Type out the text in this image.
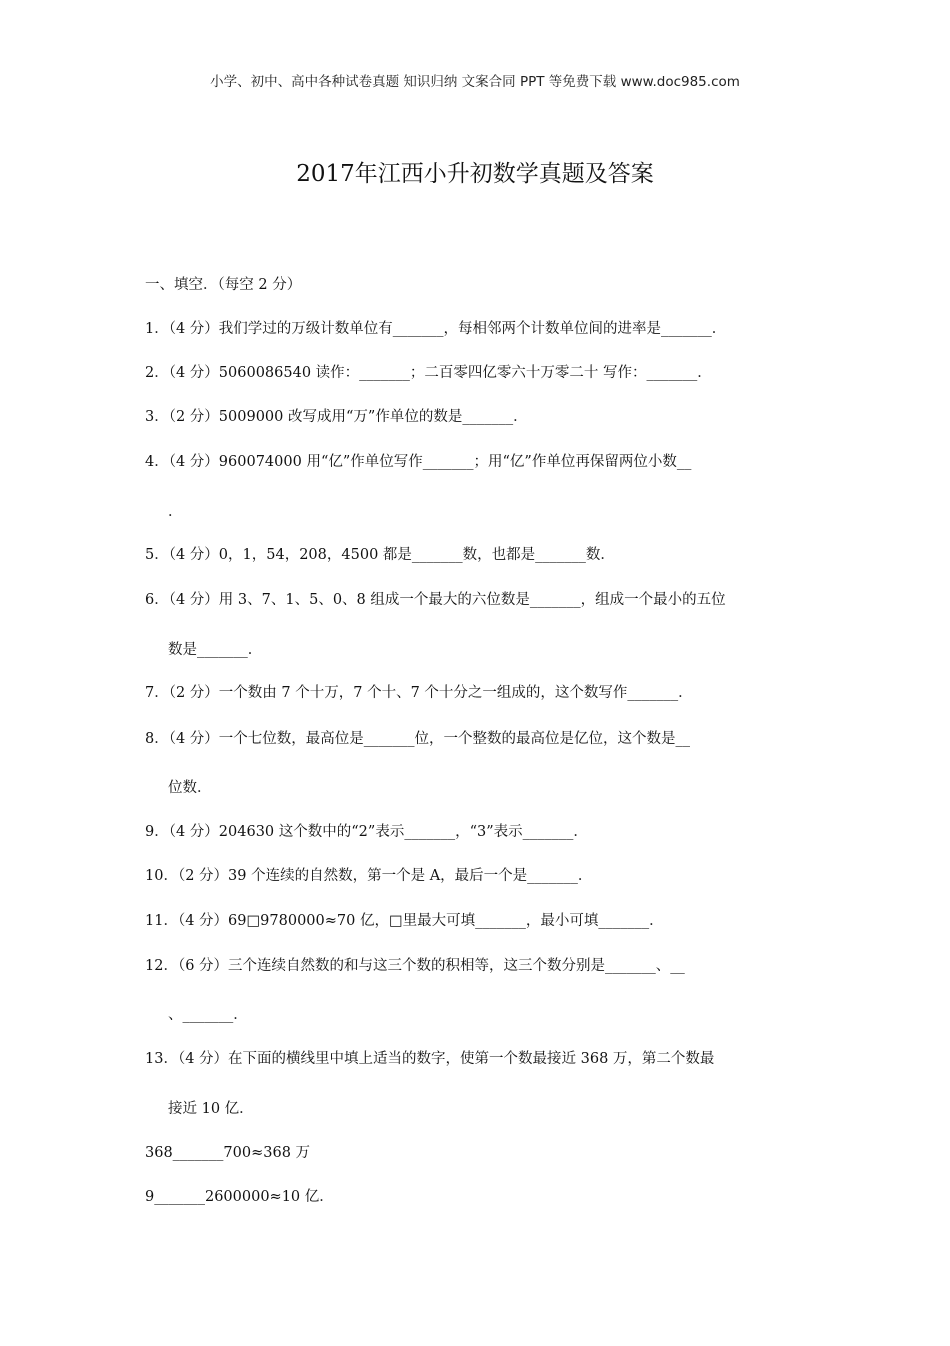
小学、初中、高中各种试卷真题 知识归纳 文案合同 PPT 等免费下载 www.doc985.com
2017年江西小升初数学真题及答案
一、填空．（每空 2 分）
1．（4 分）我们学过的万级计数单位有_______，每相邻两个计数单位间的进率是_______．
2．（4 分）5060086540 读作：_______；二百零四亿零六十万零二十 写作：_______．
3．（2 分）5009000 改写成用“万”作单位的数是_______．
4．（4 分）960074000 用“亿”作单位写作_______；用“亿”作单位再保留两位小数__
．
5．（4 分）0，1，54，208，4500 都是_______数，也都是_______数．
6．（4 分）用 3、7、1、5、0、8 组成一个最大的六位数是_______，组成一个最小的五位
数是_______．
7．（2 分）一个数由 7 个十万，7 个十、7 个十分之一组成的，这个数写作_______．
8．（4 分）一个七位数，最高位是_______位，一个整数的最高位是亿位，这个数是__
位数．
9．（4 分）204630 这个数中的“2”表示_______，“3”表示_______．
10．（2 分）39 个连续的自然数，第一个是 A，最后一个是_______．
11．（4 分）69□9780000≈70 亿，□里最大可填_______，最小可填_______．
12．（6 分）三个连续自然数的和与这三个数的积相等，这三个数分别是_______、__
、_______．
13．（4 分）在下面的横线里中填上适当的数字，使第一个数最接近 368 万，第二个数最
接近 10 亿．
368_______700≈368 万
9_______2600000≈10 亿．
